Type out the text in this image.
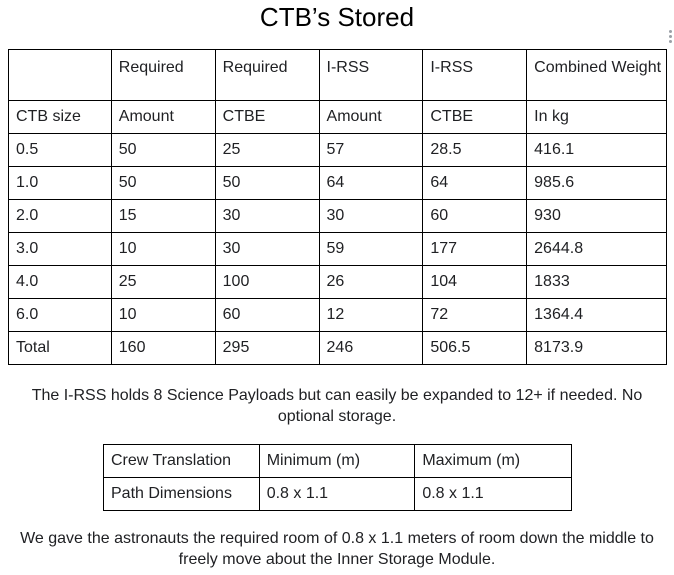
CTB’s Stored
	Required	Required	I-RSS	I-RSS	Combined Weight
CTB size	Amount	CTBE	Amount	CTBE	In kg
0.5	50	25	57	28.5	416.1
1.0	50	50	64	64	985.6
2.0	15	30	30	60	930
3.0	10	30	59	177	2644.8
4.0	25	100	26	104	1833
6.0	10	60	12	72	1364.4
Total	160	295	246	506.5	8173.9
The I-RSS holds 8 Science Payloads but can easily be expanded to 12+ if needed. No optional storage.
Crew Translation	Minimum (m)	Maximum (m)
Path Dimensions	0.8 x 1.1	0.8 x 1.1
We gave the astronauts the required room of 0.8 x 1.1 meters of room down the middle to freely move about the Inner Storage Module.
